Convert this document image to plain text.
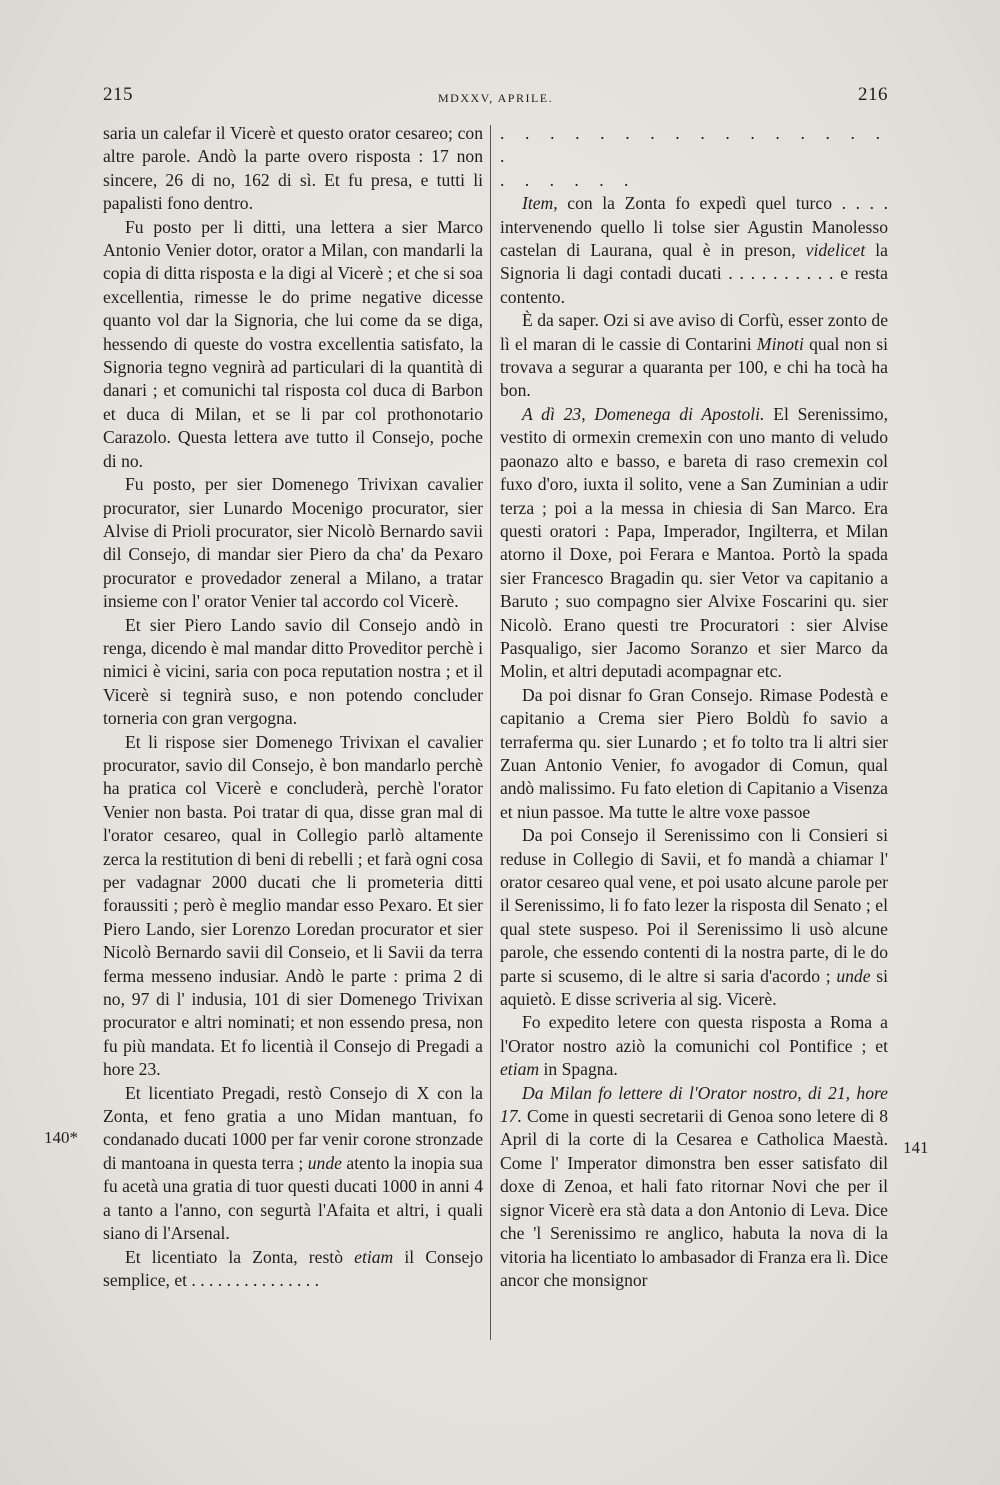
215	MDXXV, APRILE.	216
140*
141

saria un calefar il Vicerè et questo orator cesareo; con altre parole. Andò la parte overo risposta : 17 non sincere, 26 di no, 162 di sì. Et fu presa, e tutti li papalisti fono dentro.

Fu posto per li ditti, una lettera a sier Marco Antonio Venier dotor, orator a Milan, con mandarli la copia di ditta risposta e la digi al Vicerè ; et che si soa excellentia, rimesse le do prime negative dicesse quanto vol dar la Signoria, che lui come da se diga, hessendo di queste do vostra excellentia satisfato, la Signoria tegno vegnirà ad particulari di la quantità di danari ; et comunichi tal risposta col duca di Barbon et duca di Milan, et se li par col prothonotario Carazolo. Questa lettera ave tutto il Consejo, poche di no.

Fu posto, per sier Domenego Trivixan cavalier procurator, sier Lunardo Mocenigo procurator, sier Alvise di Prioli procurator, sier Nicolò Bernardo savii dil Consejo, di mandar sier Piero da cha' da Pexaro procurator e provedador zeneral a Milano, a tratar insieme con l' orator Venier tal accordo col Vicerè.

Et sier Piero Lando savio dil Consejo andò in renga, dicendo è mal mandar ditto Proveditor perchè i nimici è vicini, saria con poca reputation nostra ; et il Vicerè si tegnirà suso, e non potendo concluder torneria con gran vergogna.

Et li rispose sier Domenego Trivixan el cavalier procurator, savio dil Consejo, è bon mandarlo perchè ha pratica col Vicerè e concluderà, perchè l'orator Venier non basta. Poi tratar di qua, disse gran mal di l'orator cesareo, qual in Collegio parlò altamente zerca la restitution di beni di rebelli ; et farà ogni cosa per vadagnar 2000 ducati che li prometeria ditti foraussiti ; però è meglio mandar esso Pexaro. Et sier Piero Lando, sier Lorenzo Loredan procurator et sier Nicolò Bernardo savii dil Conseio, et li Savii da terra ferma messeno indusiar. Andò le parte : prima 2 di no, 97 di l' indusia, 101 di sier Domenego Trivixan procurator e altri nominati; et non essendo presa, non fu più mandata. Et fo licentià il Consejo di Pregadi a hore 23.

Et licentiato Pregadi, restò Consejo di X con la Zonta, et feno gratia a uno Midan mantuan, fo condanado ducati 1000 per far venir corone stronzade di mantoana in questa terra ; unde atento la inopia sua fu acetà una gratia di tuor questi ducati 1000 in anni 4 a tanto a l'anno, con segurtà l'Afaita et altri, i quali siano di l'Arsenal.

Et licentiato la Zonta, restò etiam il Consejo semplice, et . . . . . . . . . . . . . . .

. . . . . . . . . . . . . . . . .

. . . . . .

Item, con la Zonta fo expedì quel turco . . . . intervenendo quello li tolse sier Agustin Manolesso castelan di Laurana, qual è in preson, videlicet la Signoria li dagi contadi ducati . . . . . . . . . . e resta contento.

È da saper. Ozi si ave aviso di Corfù, esser zonto de lì el maran di le cassie di Contarini Minoti qual non si trovava a segurar a quaranta per 100, e chi ha tocà ha bon.

A dì 23, Domenega di Apostoli. El Serenissimo, vestito di ormexin cremexin con uno manto di veludo paonazo alto e basso, e bareta di raso cremexin col fuxo d'oro, iuxta il solito, vene a San Zuminian a udir terza ; poi a la messa in chiesia di San Marco. Era questi oratori : Papa, Imperador, Ingilterra, et Milan atorno il Doxe, poi Ferara e Mantoa. Portò la spada sier Francesco Bragadin qu. sier Vetor va capitanio a Baruto ; suo compagno sier Alvixe Foscarini qu. sier Nicolò. Erano questi tre Procuratori : sier Alvise Pasqualigo, sier Jacomo Soranzo et sier Marco da Molin, et altri deputadi acompagnar etc.

Da poi disnar fo Gran Consejo. Rimase Podestà e capitanio a Crema sier Piero Boldù fo savio a terraferma qu. sier Lunardo ; et fo tolto tra li altri sier Zuan Antonio Venier, fo avogador di Comun, qual andò malissimo. Fu fato eletion di Capitanio a Visenza et niun passoe. Ma tutte le altre voxe passoe

Da poi Consejo il Serenissimo con li Consieri si reduse in Collegio di Savii, et fo mandà a chiamar l' orator cesareo qual vene, et poi usato alcune parole per il Serenissimo, li fo fato lezer la risposta dil Senato ; el qual stete suspeso. Poi il Serenissimo li usò alcune parole, che essendo contenti di la nostra parte, di le do parte si scusemo, di le altre si saria d'acordo ; unde si aquietò. E disse scriveria al sig. Vicerè.

Fo expedito letere con questa risposta a Roma a l'Orator nostro aziò la comunichi col Pontifice ; et etiam in Spagna.

Da Milan fo lettere di l'Orator nostro, di 21, hore 17. Come in questi secretarii di Genoa sono letere di 8 April di la corte di la Cesarea e Catholica Maestà. Come l' Imperator dimonstra ben esser satisfato dil doxe di Zenoa, et hali fato ritornar Novi che per il signor Vicerè era stà data a don Antonio di Leva. Dice che 'l Serenissimo re anglico, habuta la nova di la vitoria ha licentiato lo ambasador di Franza era lì. Dice ancor che monsignor
